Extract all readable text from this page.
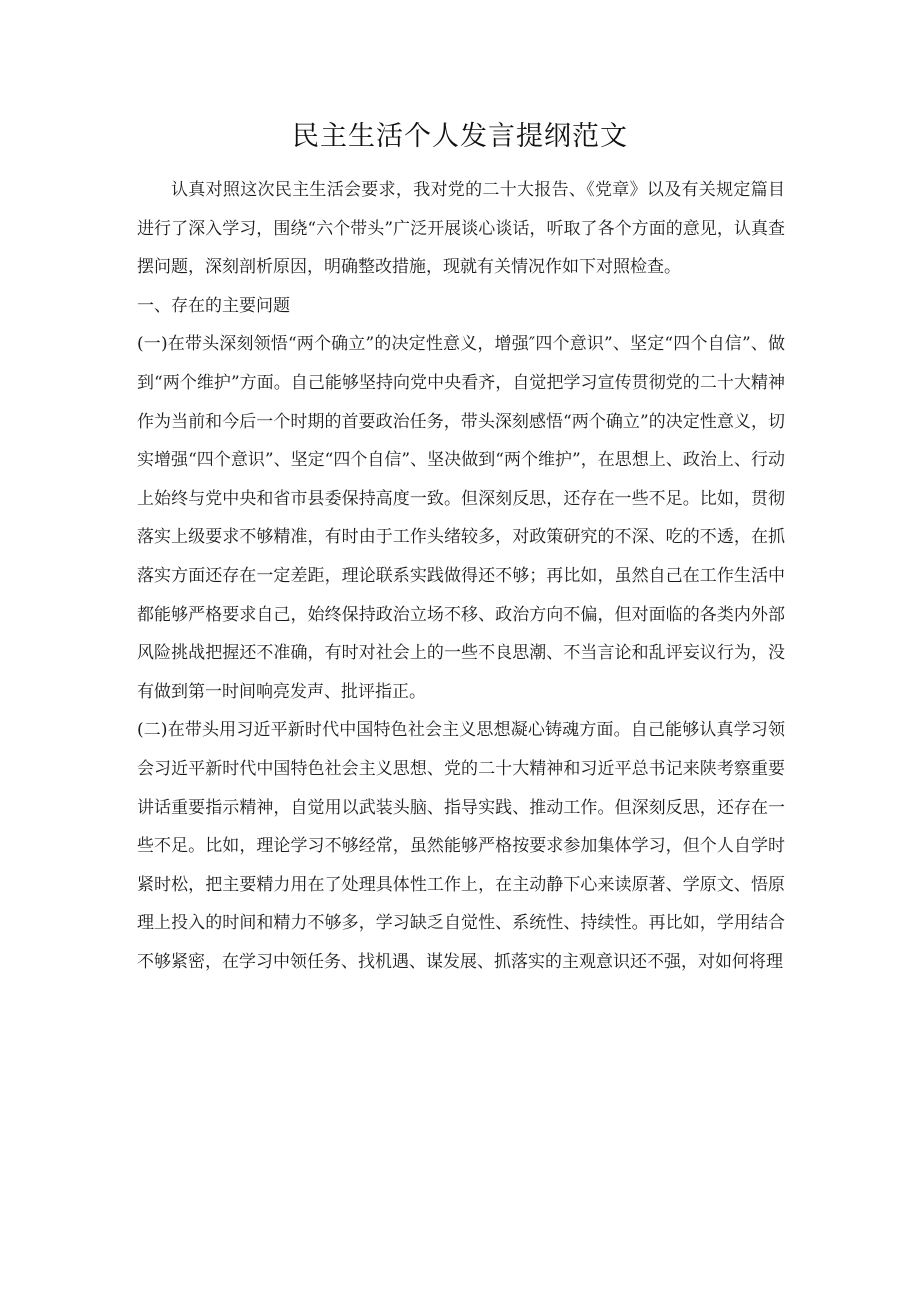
民主生活个人发言提纲范文

认真对照这次民主生活会要求，我对党的二十大报告、《党章》以及有关规定篇目进行了深入学习，围绕“六个带头”广泛开展谈心谈话，听取了各个方面的意见，认真查摆问题，深刻剖析原因，明确整改措施，现就有关情况作如下对照检查。

一、存在的主要问题

(一)在带头深刻领悟“两个确立”的决定性意义，增强″四个意识”、坚定“四个自信”、做到“两个维护”方面。自己能够坚持向党中央看齐，自觉把学习宣传贯彻党的二十大精神作为当前和今后一个时期的首要政治任务，带头深刻感悟“两个确立”的决定性意义，切实增强“四个意识”、坚定“四个自信”、坚决做到“两个维护”，在思想上、政治上、行动上始终与党中央和省市县委保持高度一致。但深刻反思，还存在一些不足。比如，贯彻落实上级要求不够精准，有时由于工作头绪较多，对政策研究的不深、吃的不透，在抓落实方面还存在一定差距，理论联系实践做得还不够；再比如，虽然自己在工作生活中都能够严格要求自己，始终保持政治立场不移、政治方向不偏，但对面临的各类内外部风险挑战把握还不准确，有时对社会上的一些不良思潮、不当言论和乱评妄议行为，没有做到第一时间响亮发声、批评指正。

(二)在带头用习近平新时代中国特色社会主义思想凝心铸魂方面。自己能够认真学习领会习近平新时代中国特色社会主义思想、党的二十大精神和习近平总书记来陕考察重要讲话重要指示精神，自觉用以武装头脑、指导实践、推动工作。但深刻反思，还存在一些不足。比如，理论学习不够经常，虽然能够严格按要求参加集体学习，但个人自学时紧时松，把主要精力用在了处理具体性工作上，在主动静下心来读原著、学原文、悟原理上投入的时间和精力不够多，学习缺乏自觉性、系统性、持续性。再比如，学用结合不够紧密，在学习中领任务、找机遇、谋发展、抓落实的主观意识还不强，对如何将理
